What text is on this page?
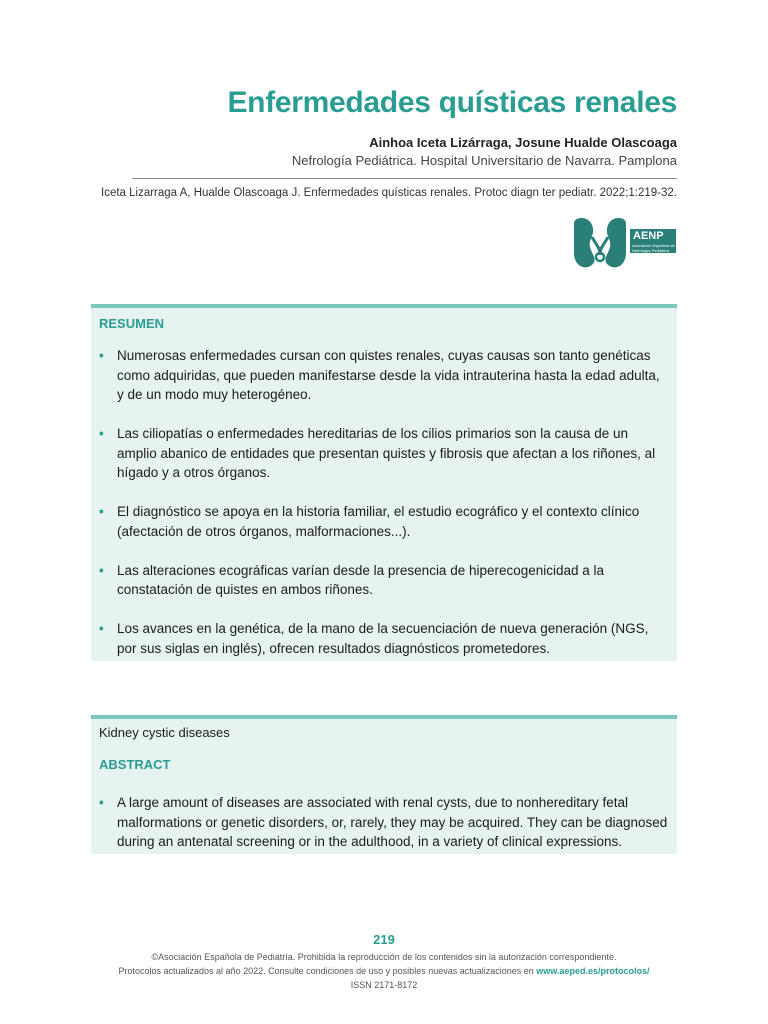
Enfermedades quísticas renales
Ainhoa Iceta Lizárraga, Josune Hualde Olascoaga
Nefrología Pediátrica. Hospital Universitario de Navarra. Pamplona
Iceta Lizarraga A, Hualde Olascoaga J. Enfermedades quísticas renales. Protoc diagn ter pediatr. 2022;1:219-32.
AENP
Asociación Española de Nefrología Pediátrica
RESUMEN
• Numerosas enfermedades cursan con quistes renales, cuyas causas son tanto genéticas como adquiridas, que pueden manifestarse desde la vida intrauterina hasta la edad adulta, y de un modo muy heterogéneo.
• Las ciliopatías o enfermedades hereditarias de los cilios primarios son la causa de un amplio abanico de entidades que presentan quistes y fibrosis que afectan a los riñones, al hígado y a otros órganos.
• El diagnóstico se apoya en la historia familiar, el estudio ecográfico y el contexto clínico (afectación de otros órganos, malformaciones...).
• Las alteraciones ecográficas varían desde la presencia de hiperecogenicidad a la constatación de quistes en ambos riñones.
• Los avances en la genética, de la mano de la secuenciación de nueva generación (NGS, por sus siglas en inglés), ofrecen resultados diagnósticos prometedores.
Kidney cystic diseases
ABSTRACT
• A large amount of diseases are associated with renal cysts, due to nonhereditary fetal malformations or genetic disorders, or, rarely, they may be acquired. They can be diagnosed during an antenatal screening or in the adulthood, in a variety of clinical expressions.
219
©Asociación Española de Pediatría. Prohibida la reproducción de los contenidos sin la autorización correspondiente.
Protocolos actualizados al año 2022. Consulte condiciones de uso y posibles nuevas actualizaciones en www.aeped.es/protocolos/
ISSN 2171-8172
